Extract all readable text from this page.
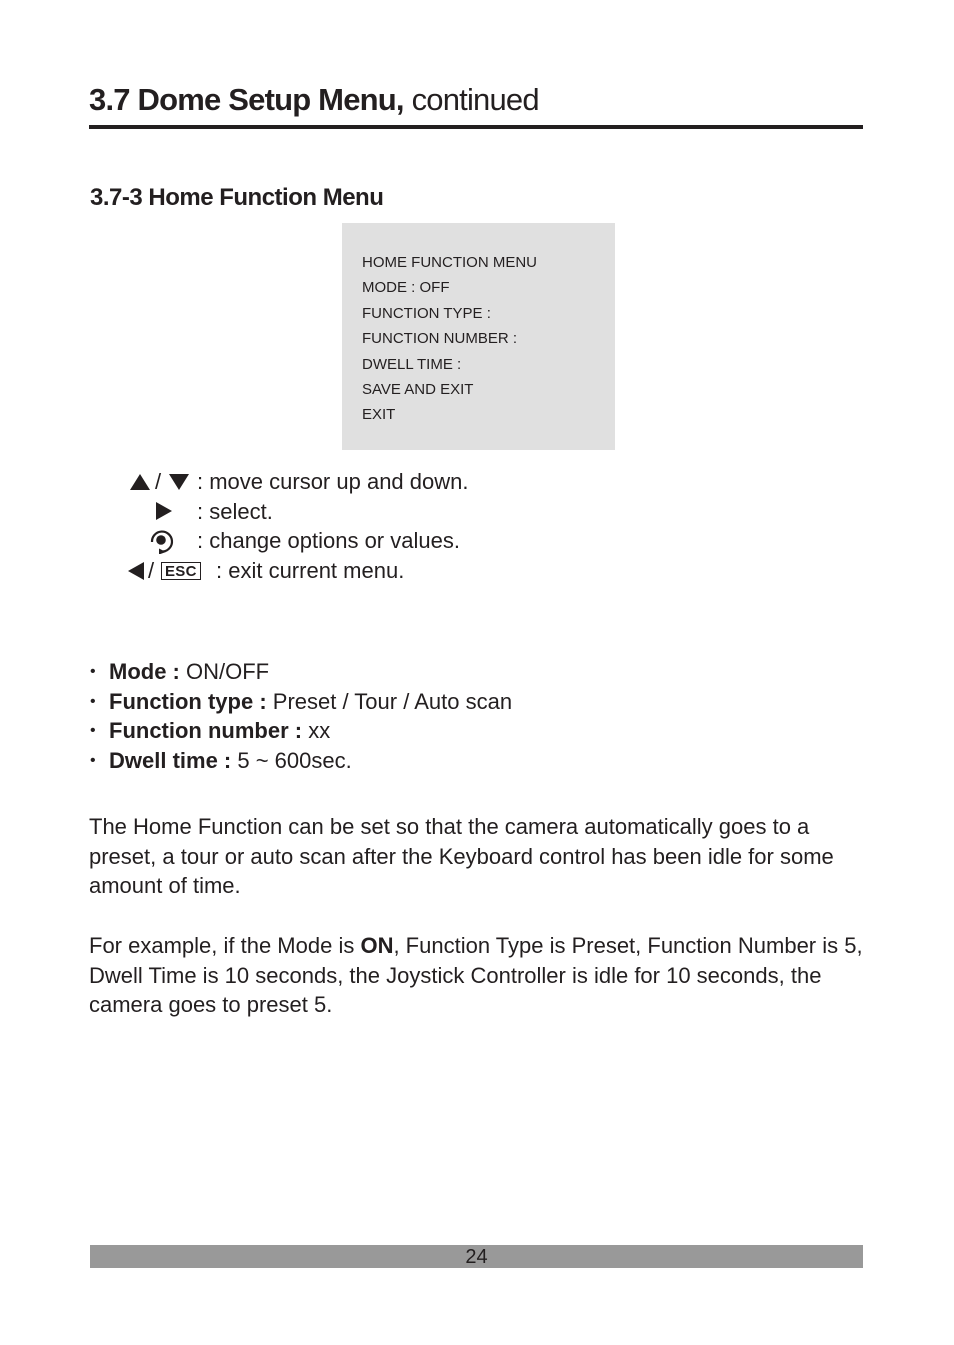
3.7 Dome Setup Menu, continued
3.7-3 Home Function Menu
HOME FUNCTION MENU
MODE : OFF
FUNCTION TYPE :
FUNCTION NUMBER :
DWELL TIME :
SAVE AND EXIT
EXIT
/ : move cursor up and down.
: select.
: change options or values.
/ ESC : exit current menu.
• Mode : ON/OFF
• Function type : Preset / Tour / Auto scan
• Function number : xx
• Dwell time : 5 ~ 600sec.
The Home Function can be set so that the camera automatically goes to a preset, a tour or auto scan after the Keyboard control has been idle for some amount of time.
For example, if the Mode is ON, Function Type is Preset, Function Number is 5, Dwell Time is 10 seconds, the Joystick Controller is idle for 10 seconds, the camera goes to preset 5.
24
